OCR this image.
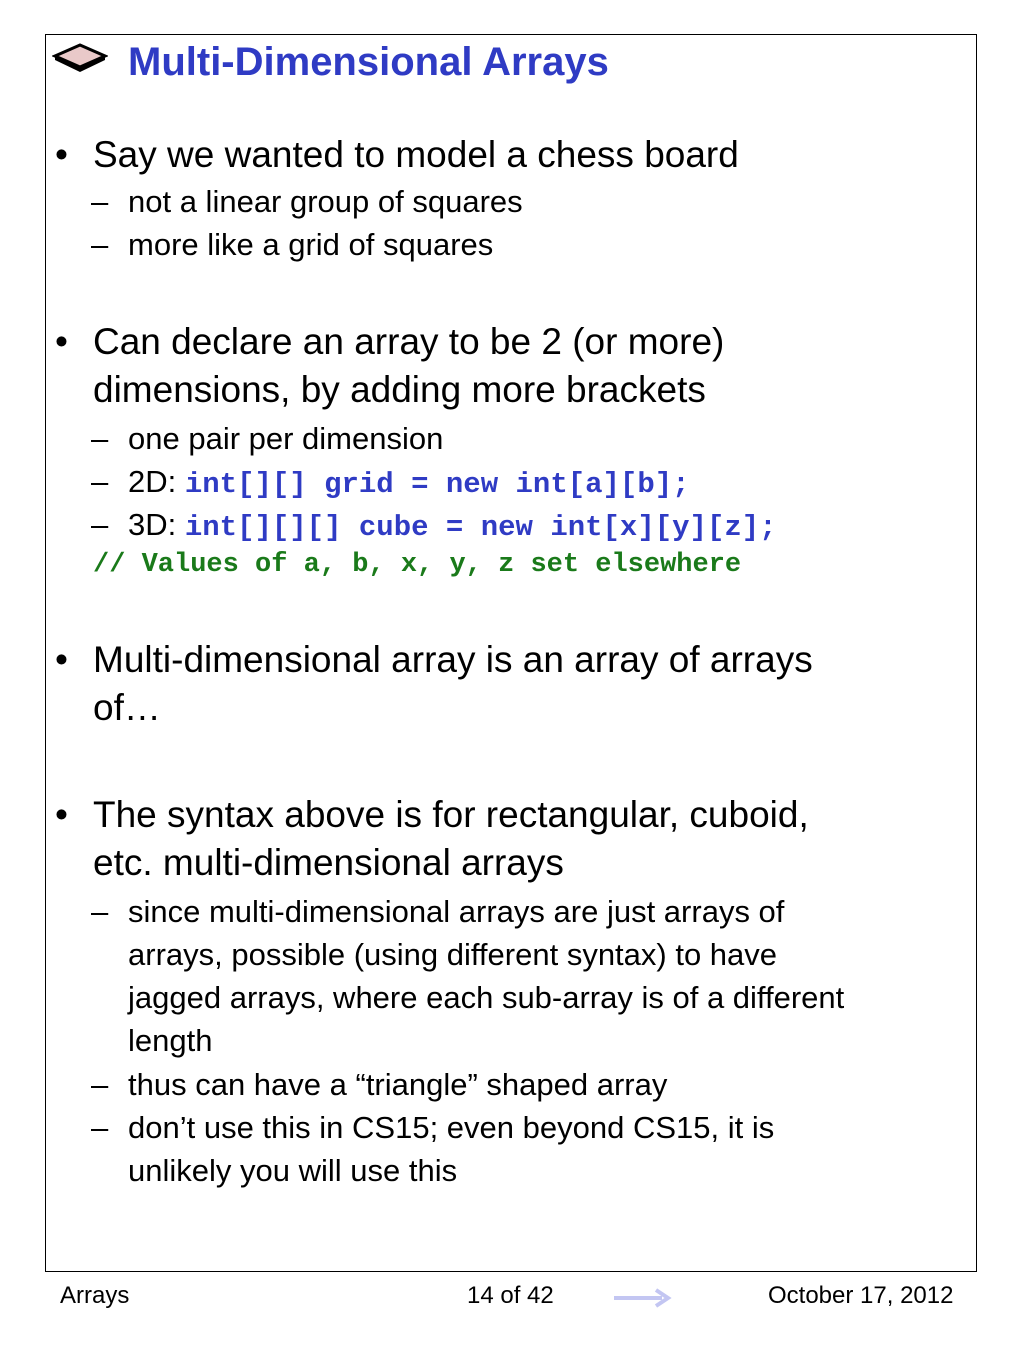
Multi-Dimensional Arrays
• Say we wanted to model a chess board
– not a linear group of squares
– more like a grid of squares
• Can declare an array to be 2 (or more)
dimensions, by adding more brackets
– one pair per dimension
– 2D: int[][] grid = new int[a][b];
– 3D: int[][][] cube = new int[x][y][z];
// Values of a, b, x, y, z set elsewhere
• Multi-dimensional array is an array of arrays
of…
• The syntax above is for rectangular, cuboid,
etc. multi-dimensional arrays
– since multi-dimensional arrays are just arrays of
arrays, possible (using different syntax) to have
jagged arrays, where each sub-array is of a different
length
– thus can have a “triangle” shaped array
– don’t use this in CS15; even beyond CS15, it is
unlikely you will use this
Arrays	14 of 42	October 17, 2012
